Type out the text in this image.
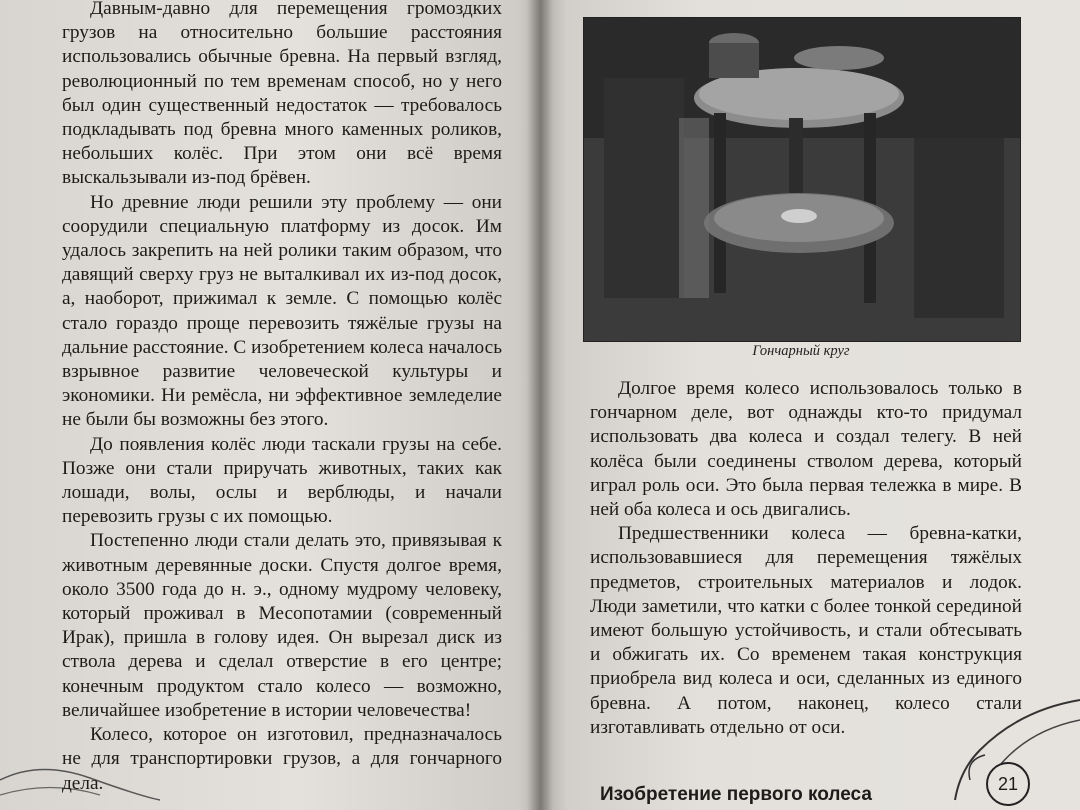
Давным-давно для перемещения громоздких грузов на относительно большие расстояния использовались обычные бревна. На первый взгляд, революционный по тем временам способ, но у него был один существенный недостаток — требовалось подкладывать под бревна много каменных роликов, небольших колёс. При этом они всё время выскальзывали из-под брёвен.

Но древние люди решили эту проблему — они соорудили специальную платформу из досок. Им удалось закрепить на ней ролики таким образом, что давящий сверху груз не выталкивал их из-под досок, а, наоборот, прижимал к земле. С помощью колёс стало гораздо проще перевозить тяжёлые грузы на дальние расстояние. С изобретением колеса началось взрывное развитие человеческой культуры и экономики. Ни ремёсла, ни эффективное земледелие не были бы возможны без этого.

До появления колёс люди таскали грузы на себе. Позже они стали приручать животных, таких как лошади, волы, ослы и верблюды, и начали перевозить грузы с их помощью.

Постепенно люди стали делать это, привязывая к животным деревянные доски. Спустя долгое время, около 3500 года до н. э., одному мудрому человеку, который проживал в Месопотамии (современный Ирак), пришла в голову идея. Он вырезал диск из ствола дерева и сделал отверстие в его центре; конечным продуктом стало колесо — возможно, величайшее изобретение в истории человечества!

Колесо, которое он изготовил, предназначалось не для транспортировки грузов, а для гончарного дела.

Гончарный круг

Долгое время колесо использовалось только в гончарном деле, вот однажды кто-то придумал использовать два колеса и создал телегу. В ней колёса были соединены стволом дерева, который играл роль оси. Это была первая тележка в мире. В ней оба колеса и ось двигались.

Предшественники колеса — бревна-катки, использовавшиеся для перемещения тяжёлых предметов, строительных материалов и лодок. Люди заметили, что катки с более тонкой серединой имеют большую устойчивость, и стали обтесывать и обжигать их. Со временем такая конструкция приобрела вид колеса и оси, сделанных из единого бревна. А потом, наконец, колесо стали изготавливать отдельно от оси.

Изобретение первого колеса	21
